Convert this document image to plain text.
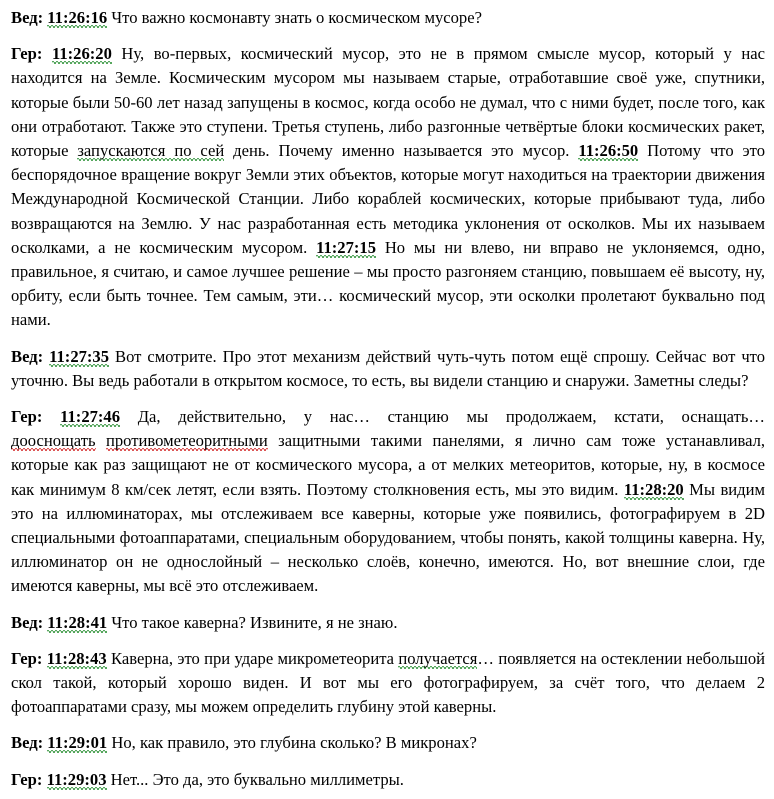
Вед: 11:26:16 Что важно космонавту знать о космическом мусоре?

Гер: 11:26:20 Ну, во-первых, космический мусор, это не в прямом смысле мусор, который у нас находится на Земле. Космическим мусором мы называем старые, отработавшие своё уже, спутники, которые были 50-60 лет назад запущены в космос, когда особо не думал, что с ними будет, после того, как они отработают. Также это ступени. Третья ступень, либо разгонные четвёртые блоки космических ракет, которые запускаются по сей день. Почему именно называется это мусор. 11:26:50 Потому что это беспорядочное вращение вокруг Земли этих объектов, которые могут находиться на траектории движения Международной Космической Станции. Либо кораблей космических, которые прибывают туда, либо возвращаются на Землю. У нас разработанная есть методика уклонения от осколков. Мы их называем осколками, а не космическим мусором. 11:27:15 Но мы ни влево, ни вправо не уклоняемся, одно, правильное, я считаю, и самое лучшее решение – мы просто разгоняем станцию, повышаем её высоту, ну, орбиту, если быть точнее. Тем самым, эти… космический мусор, эти осколки пролетают буквально под нами.

Вед: 11:27:35 Вот смотрите. Про этот механизм действий чуть-чуть потом ещё спрошу. Сейчас вот что уточню. Вы ведь работали в открытом космосе, то есть, вы видели станцию и снаружи. Заметны следы?

Гер: 11:27:46 Да, действительно, у нас… станцию мы продолжаем, кстати, оснащать… дооснощать противометеоритными защитными такими панелями, я лично сам тоже устанавливал, которые как раз защищают не от космического мусора, а от мелких метеоритов, которые, ну, в космосе как минимум 8 км/сек летят, если взять. Поэтому столкновения есть, мы это видим. 11:28:20 Мы видим это на иллюминаторах, мы отслеживаем все каверны, которые уже появились, фотографируем в 2D специальными фотоаппаратами, специальным оборудованием, чтобы понять, какой толщины каверна. Ну, иллюминатор он не однослойный – несколько слоёв, конечно, имеются. Но, вот внешние слои, где имеются каверны, мы всё это отслеживаем.

Вед: 11:28:41 Что такое каверна? Извините, я не знаю.

Гер: 11:28:43 Каверна, это при ударе микрометеорита получается… появляется на остеклении небольшой скол такой, который хорошо виден. И вот мы его фотографируем, за счёт того, что делаем 2 фотоаппаратами сразу, мы можем определить глубину этой каверны.

Вед: 11:29:01 Но, как правило, это глубина сколько? В микронах?

Гер: 11:29:03 Нет... Это да, это буквально миллиметры.
